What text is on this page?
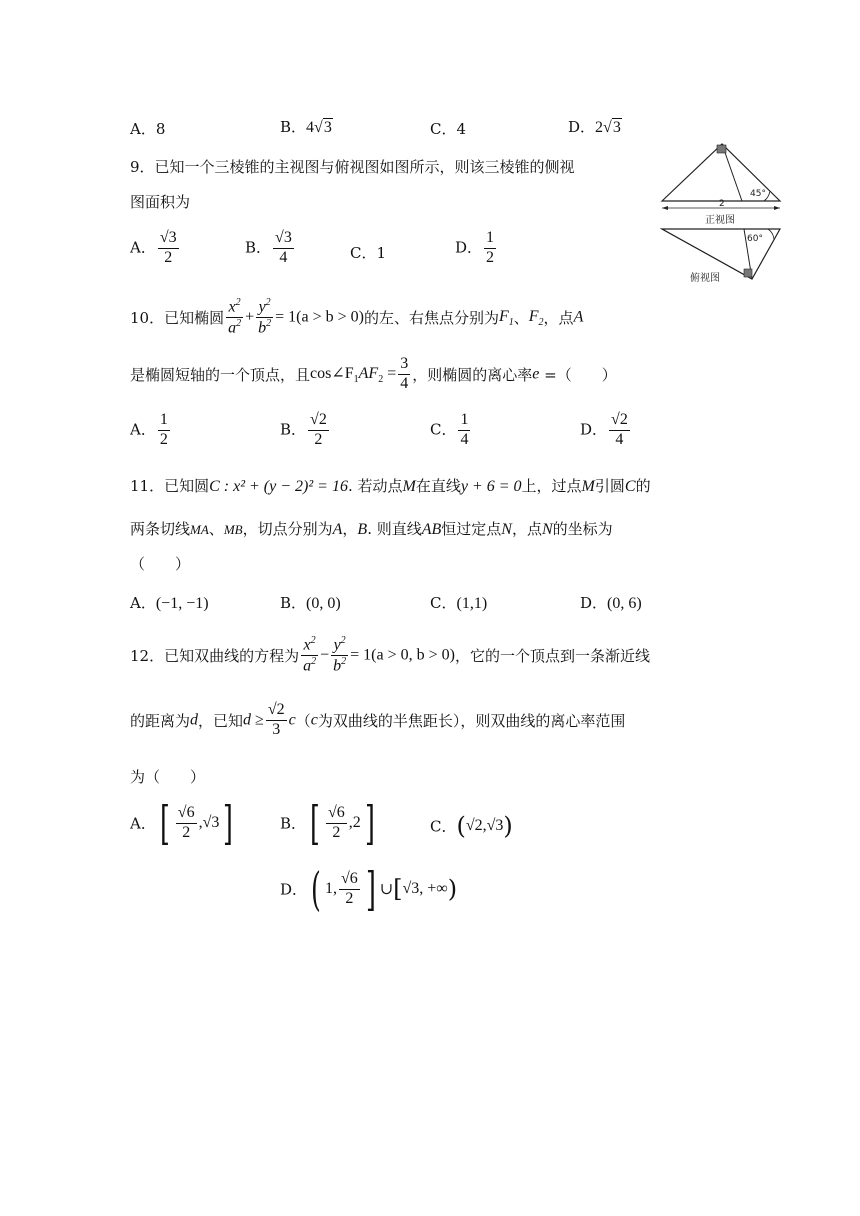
A．8	B．4√3	C．4	D．2√3
9．已知一个三棱锥的主视图与俯视图如图所示，则该三棱锥的侧视
图面积为
A． $\frac{√3}{2}$	B． $\frac{√3}{4}$	C．1	D． $\frac{1}{2}$
45°
2
正视图
60°
俯视图
10．已知椭圆 $\frac{x^2}{a^2} + \frac{y^2}{b^2} = 1(a > b > 0)$的左、右焦点分别为$F_1$、$F_2$，点A
是椭圆短轴的一个顶点，且$\cos\angle F_1AF_2 = \frac{3}{4}$ ，则椭圆的离心率e =（　　）
A． $\frac{1}{2}$	B． $\frac{√2}{2}$	C． $\frac{1}{4}$	D． $\frac{√2}{4}$
11．已知圆C : x² + (y − 2)² = 16. 若动点M在直线y + 6 = 0上，过点M引圆C的
两条切线MA、MB，切点分别为A，B. 则直线AB恒过定点N，点N的坐标为
（　　）
A．(−1, −1)	B．(0, 0)	C．(1,1)	D．(0, 6)
12．已知双曲线的方程为 $\frac{x^2}{a^2} - \frac{y^2}{b^2} = 1(a > 0$, b > 0)，它的一个顶点到一条渐近线
的距离为d，已知$d \ge \frac{√2}{3} c(c$为双曲线的半焦距长），则双曲线的离心率范围
为（　　）
A．[ $\frac{√6}{2} ,√3$]	B．[ $\frac{√6}{2} ,2$]	C．(√2,√3)
D．( 1, $\frac{√6}{2}$ ] ∪[√3, +∞)
